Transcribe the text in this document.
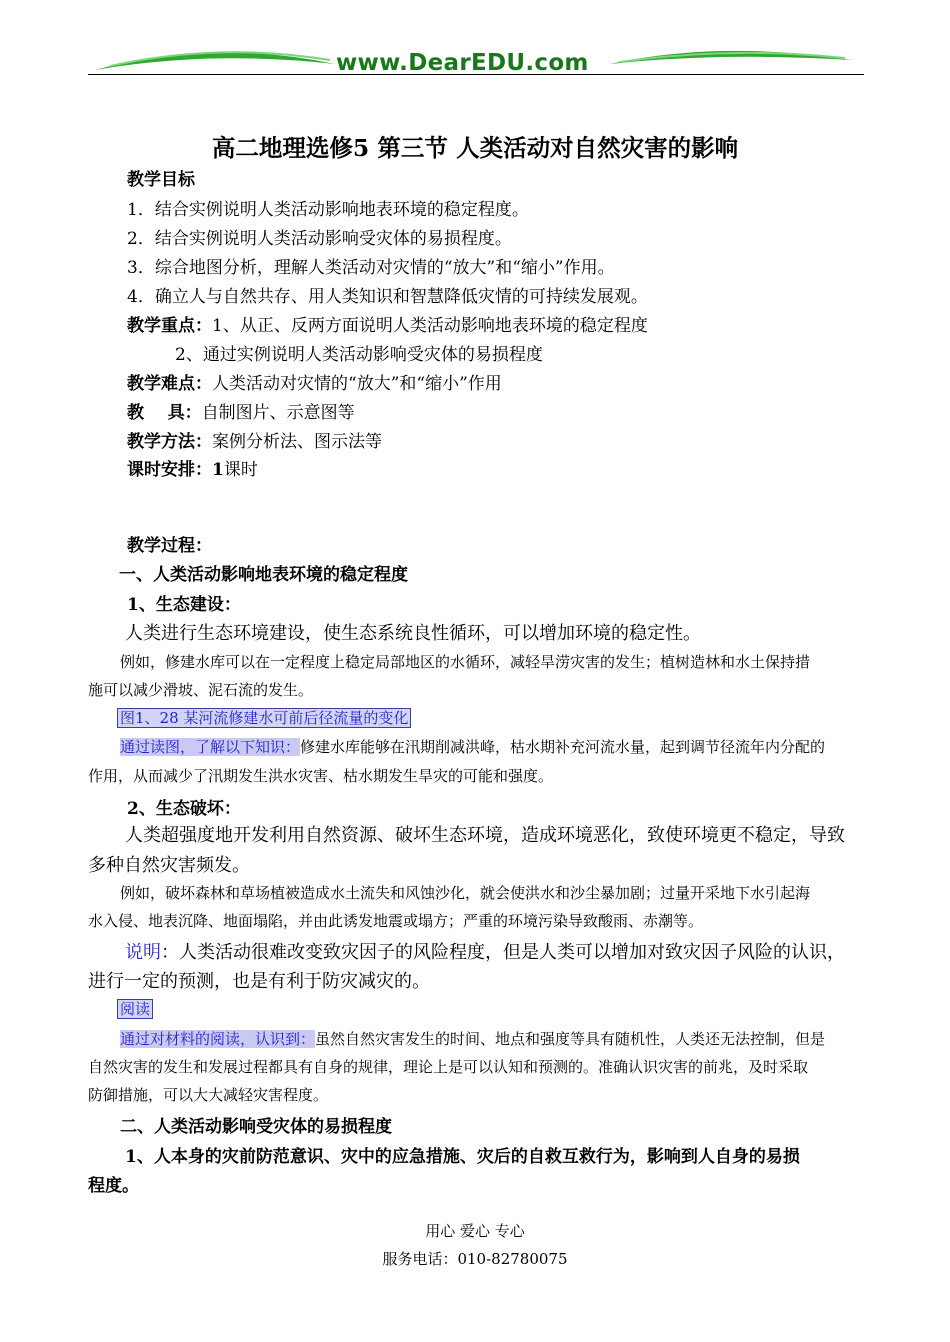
www.DearEDU.com
高二地理选修5 第三节 人类活动对自然灾害的影响
教学目标
1．结合实例说明人类活动影响地表环境的稳定程度。
2．结合实例说明人类活动影响受灾体的易损程度。
3．综合地图分析，理解人类活动对灾情的“放大”和“缩小”作用。
4．确立人与自然共存、用人类知识和智慧降低灾情的可持续发展观。
教学重点：1、从正、反两方面说明人类活动影响地表环境的稳定程度
2、通过实例说明人类活动影响受灾体的易损程度
教学难点：人类活动对灾情的“放大”和“缩小”作用
教    具：自制图片、示意图等
教学方法：案例分析法、图示法等
课时安排：1课时
教学过程：
一、人类活动影响地表环境的稳定程度
1、生态建设：
人类进行生态环境建设，使生态系统良性循环，可以增加环境的稳定性。
例如，修建水库可以在一定程度上稳定局部地区的水循环，减轻旱涝灾害的发生；植树造林和水土保持措
施可以减少滑坡、泥石流的发生。
图1、28 某河流修建水可前后径流量的变化
通过读图，了解以下知识：修建水库能够在汛期削减洪峰，枯水期补充河流水量，起到调节径流年内分配的
作用，从而减少了汛期发生洪水灾害、枯水期发生旱灾的可能和强度。
2、生态破坏：
人类超强度地开发利用自然资源、破坏生态环境，造成环境恶化，致使环境更不稳定，导致
多种自然灾害频发。
例如，破坏森林和草场植被造成水土流失和风蚀沙化，就会使洪水和沙尘暴加剧；过量开采地下水引起海
水入侵、地表沉降、地面塌陷，并由此诱发地震或塌方；严重的环境污染导致酸雨、赤潮等。
说明：人类活动很难改变致灾因子的风险程度，但是人类可以增加对致灾因子风险的认识，
进行一定的预测，也是有利于防灾减灾的。
阅读
通过对材料的阅读，认识到：虽然自然灾害发生的时间、地点和强度等具有随机性，人类还无法控制，但是
自然灾害的发生和发展过程都具有自身的规律，理论上是可以认知和预测的。准确认识灾害的前兆，及时采取
防御措施，可以大大减轻灾害程度。
二、人类活动影响受灾体的易损程度
1、人本身的灾前防范意识、灾中的应急措施、灾后的自救互救行为，影响到人自身的易损
程度。
用心 爱心 专心
服务电话：010-82780075
